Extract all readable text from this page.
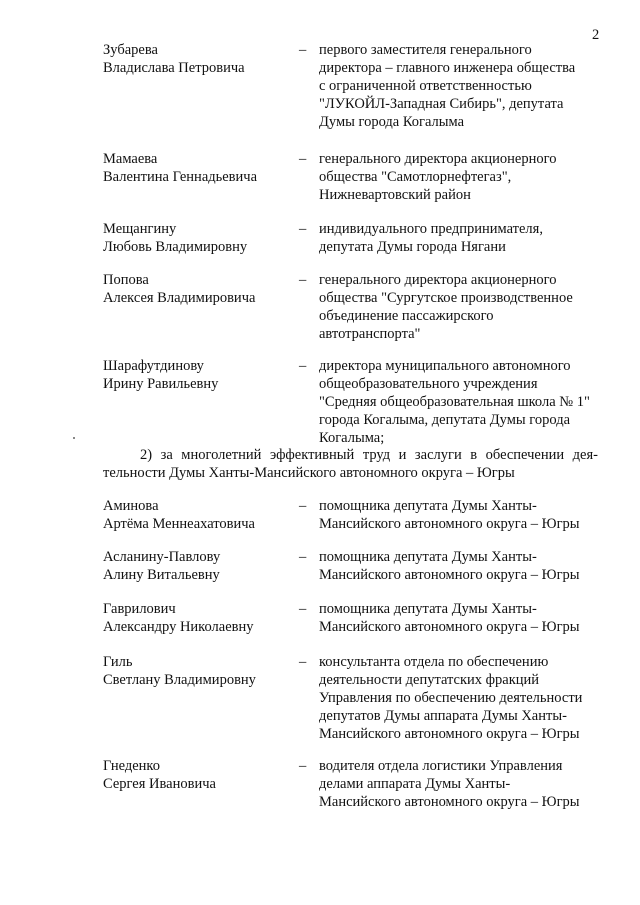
2
Зубарева
Владислава Петровича
– первого заместителя генерального
директора – главного инженера общества
с ограниченной ответственностью
"ЛУКОЙЛ-Западная Сибирь", депутата
Думы города Когалыма
Мамаева
Валентина Геннадьевича
– генерального директора акционерного
общества "Самотлорнефтегаз",
Нижневартовский район
Мещангину
Любовь Владимировну
– индивидуального предпринимателя,
депутата Думы города Нягани
Попова
Алексея Владимировича
– генерального директора акционерного
общества "Сургутское производственное
объединение пассажирского
автотранспорта"
Шарафутдинову
Ирину Равильевну
– директора муниципального автономного
общеобразовательного учреждения
"Средняя общеобразовательная школа № 1"
города Когалыма, депутата Думы города
Когалыма;
2) за многолетний эффективный труд и заслуги в обеспечении дея-
тельности Думы Ханты-Мансийского автономного округа – Югры
Аминова
Артёма Меннеахатовича
– помощника депутата Думы Ханты-
Мансийского автономного округа – Югры
Асланину-Павлову
Алину Витальевну
– помощника депутата Думы Ханты-
Мансийского автономного округа – Югры
Гаврилович
Александру Николаевну
– помощника депутата Думы Ханты-
Мансийского автономного округа – Югры
Гиль
Светлану Владимировну
– консультанта отдела по обеспечению
деятельности депутатских фракций
Управления по обеспечению деятельности
депутатов Думы аппарата Думы Ханты-
Мансийского автономного округа – Югры
Гнеденко
Сергея Ивановича
– водителя отдела логистики Управления
делами аппарата Думы Ханты-
Мансийского автономного округа – Югры
